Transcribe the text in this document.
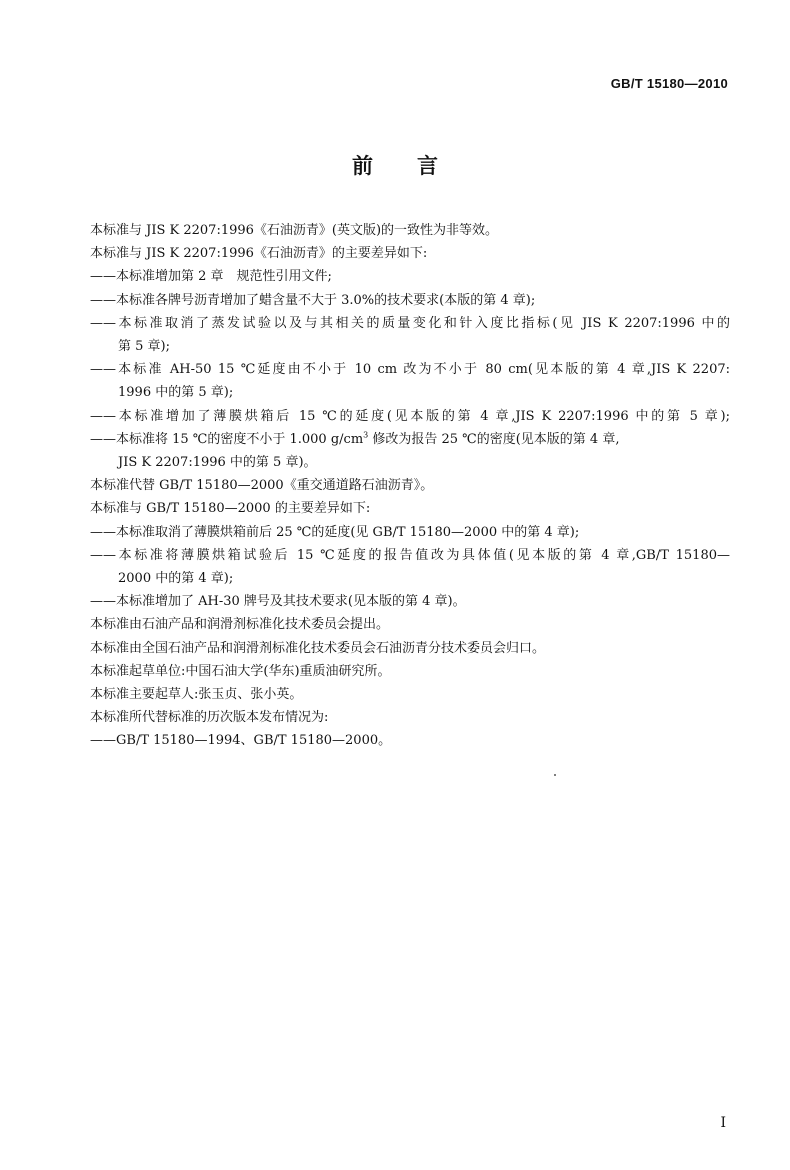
GB/T 15180—2010
前言
本标准与 JIS K 2207:1996《石油沥青》(英文版)的一致性为非等效。
本标准与 JIS K 2207:1996《石油沥青》的主要差异如下:
——本标准增加第 2 章　规范性引用文件;
——本标准各牌号沥青增加了蜡含量不大于 3.0%的技术要求(本版的第 4 章);
——本标准取消了蒸发试验以及与其相关的质量变化和针入度比指标(见 JIS K 2207:1996 中的
第 5 章);
——本标准 AH-50 15 ℃延度由不小于 10 cm 改为不小于 80 cm(见本版的第 4 章,JIS K 2207:
1996 中的第 5 章);
——本标准增加了薄膜烘箱后 15 ℃的延度(见本版的第 4 章,JIS K 2207:1996 中的第 5 章);
——本标准将 15 ℃的密度不小于 1.000 $g/cm^3$ 修改为报告 25 ℃的密度(见本版的第 4 章,
JIS K 2207:1996 中的第 5 章)。
本标准代替 GB/T 15180—2000《重交通道路石油沥青》。
本标准与 GB/T 15180—2000 的主要差异如下:
——本标准取消了薄膜烘箱前后 25 ℃的延度(见 GB/T 15180—2000 中的第 4 章);
——本标准将薄膜烘箱试验后 15 ℃延度的报告值改为具体值(见本版的第 4 章,GB/T 15180—
2000 中的第 4 章);
——本标准增加了 AH-30 牌号及其技术要求(见本版的第 4 章)。
本标准由石油产品和润滑剂标准化技术委员会提出。
本标准由全国石油产品和润滑剂标准化技术委员会石油沥青分技术委员会归口。
本标准起草单位:中国石油大学(华东)重质油研究所。
本标准主要起草人:张玉贞、张小英。
本标准所代替标准的历次版本发布情况为:
——GB/T 15180—1994、GB/T 15180—2000。
I
